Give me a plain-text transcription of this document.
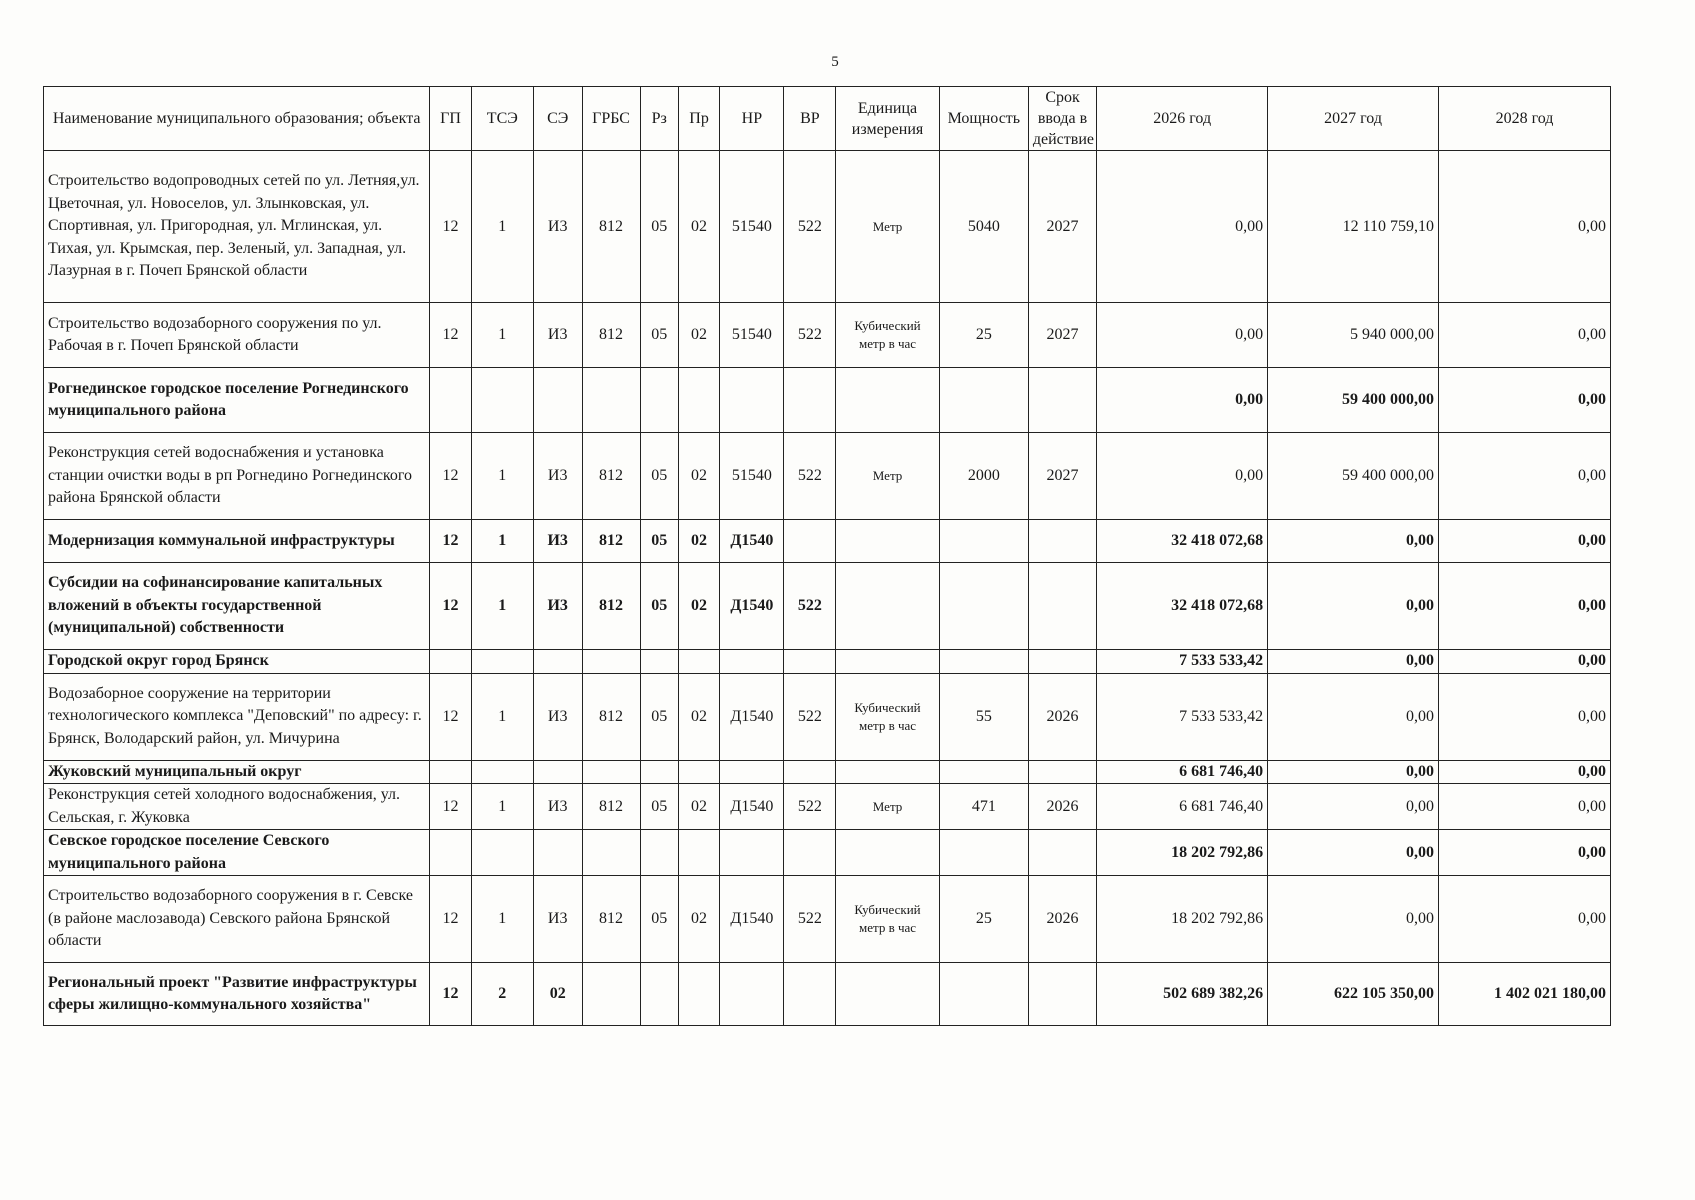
5
Наименование муниципального образования; объекта	ГП	ТСЭ	СЭ	ГРБС	Рз	Пр	НР	ВР	Единица измерения	Мощность	Срок ввода в действие	2026 год	2027 год	2028 год
Строительство водопроводных сетей по ул. Летняя,ул. Цветочная, ул. Новоселов, ул. Злынковская, ул. Спортивная, ул. Пригородная, ул. Мглинская, ул. Тихая, ул. Крымская, пер. Зеленый, ул. Западная, ул. Лазурная в г. Почеп Брянской области	12	1	И3	812	05	02	51540	522	Метр	5040	2027	0,00	12 110 759,10	0,00
Строительство водозаборного сооружения по ул. Рабочая в г. Почеп Брянской области	12	1	И3	812	05	02	51540	522	Кубический метр в час	25	2027	0,00	5 940 000,00	0,00
Рогнединское городское поселение Рогнединского муниципального района												0,00	59 400 000,00	0,00
Реконструкция сетей водоснабжения и установка станции очистки воды в рп Рогнедино Рогнединского района Брянской области	12	1	И3	812	05	02	51540	522	Метр	2000	2027	0,00	59 400 000,00	0,00
Модернизация коммунальной инфраструктуры	12	1	И3	812	05	02	Д1540					32 418 072,68	0,00	0,00
Субсидии на софинансирование капитальных вложений в объекты государственной (муниципальной) собственности	12	1	И3	812	05	02	Д1540	522				32 418 072,68	0,00	0,00
Городской округ город Брянск												7 533 533,42	0,00	0,00
Водозаборное сооружение на территории технологического комплекса "Деповский" по адресу: г. Брянск, Володарский район, ул. Мичурина	12	1	И3	812	05	02	Д1540	522	Кубический метр в час	55	2026	7 533 533,42	0,00	0,00
Жуковский муниципальный округ												6 681 746,40	0,00	0,00
Реконструкция сетей холодного водоснабжения, ул. Сельская, г. Жуковка	12	1	И3	812	05	02	Д1540	522	Метр	471	2026	6 681 746,40	0,00	0,00
Севское городское поселение Севского муниципального района												18 202 792,86	0,00	0,00
Строительство водозаборного сооружения в г. Севске (в районе маслозавода) Севского района Брянской области	12	1	И3	812	05	02	Д1540	522	Кубический метр в час	25	2026	18 202 792,86	0,00	0,00
Региональный проект "Развитие инфраструктуры сферы жилищно-коммунального хозяйства"	12	2	02									502 689 382,26	622 105 350,00	1 402 021 180,00
